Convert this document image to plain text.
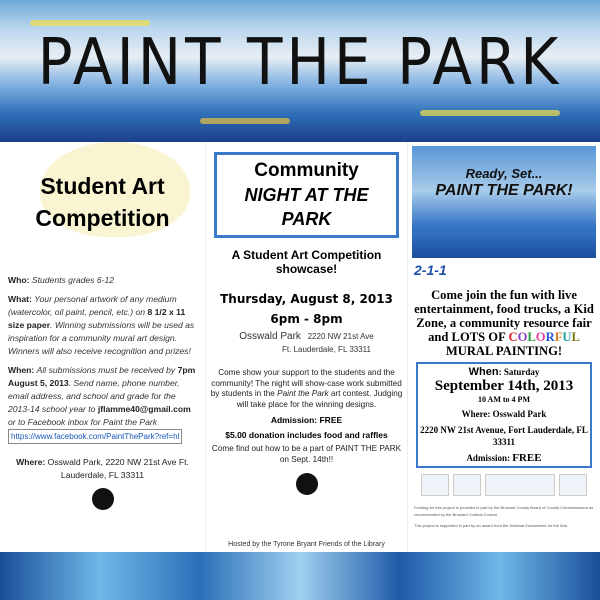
PAINT THE PARK
Student Art Competition

Who: Students grades 6-12

What: Your personal artwork of any medium (watercolor, oil paint, pencil, etc.) on 8 1/2 x 11 size paper. Winning submissions will be used as inspiration for a community mural art design. Winners will also receive recognition and prizes!

When: All submissions must be received by 7pm August 5, 2013. Send name, phone number, email address, and school and grade for the 2013-14 school year to jflamme40@gmail.com or to Facebook inbox for Paint the Park
https://www.facebook.com/PaintThePark?ref=hl

Where: Osswald Park, 2220 NW 21st Ave Ft. Lauderdale, FL 33311

Community
NIGHT AT THE PARK
A Student Art Competition showcase!
Thursday, August 8, 2013
6pm - 8pm
Osswald Park 2220 NW 21st Ave
Ft. Lauderdale, FL 33311
Come show your support to the students and the community! The night will show-case work submitted by students in the Paint the Park art contest. Judging will take place for the winning designs.
Admission: FREE
$5.00 donation includes food and raffles
Come find out how to be a part of PAINT THE PARK on Sept. 14th!!
Hosted by the Tyrone Bryant Friends of the Library
Ready, Set...
PAINT THE PARK!
2-1-1
Come join the fun with live entertainment, food trucks, a Kid Zone, a community resource fair and LOTS OF COLORFUL
MURAL PAINTING!
When: Saturday
September 14th, 2013
10 AM to 4 PM
Where: Osswald Park
2220 NW 21st Avenue, Fort Lauderdale, FL 33311
Admission: FREE
Funding for this project is provided in part by the Broward County Board of County Commissioners as recommended by the Broward Cultural Council.
This project is supported in part by an award from the National Endowment for the Arts.
